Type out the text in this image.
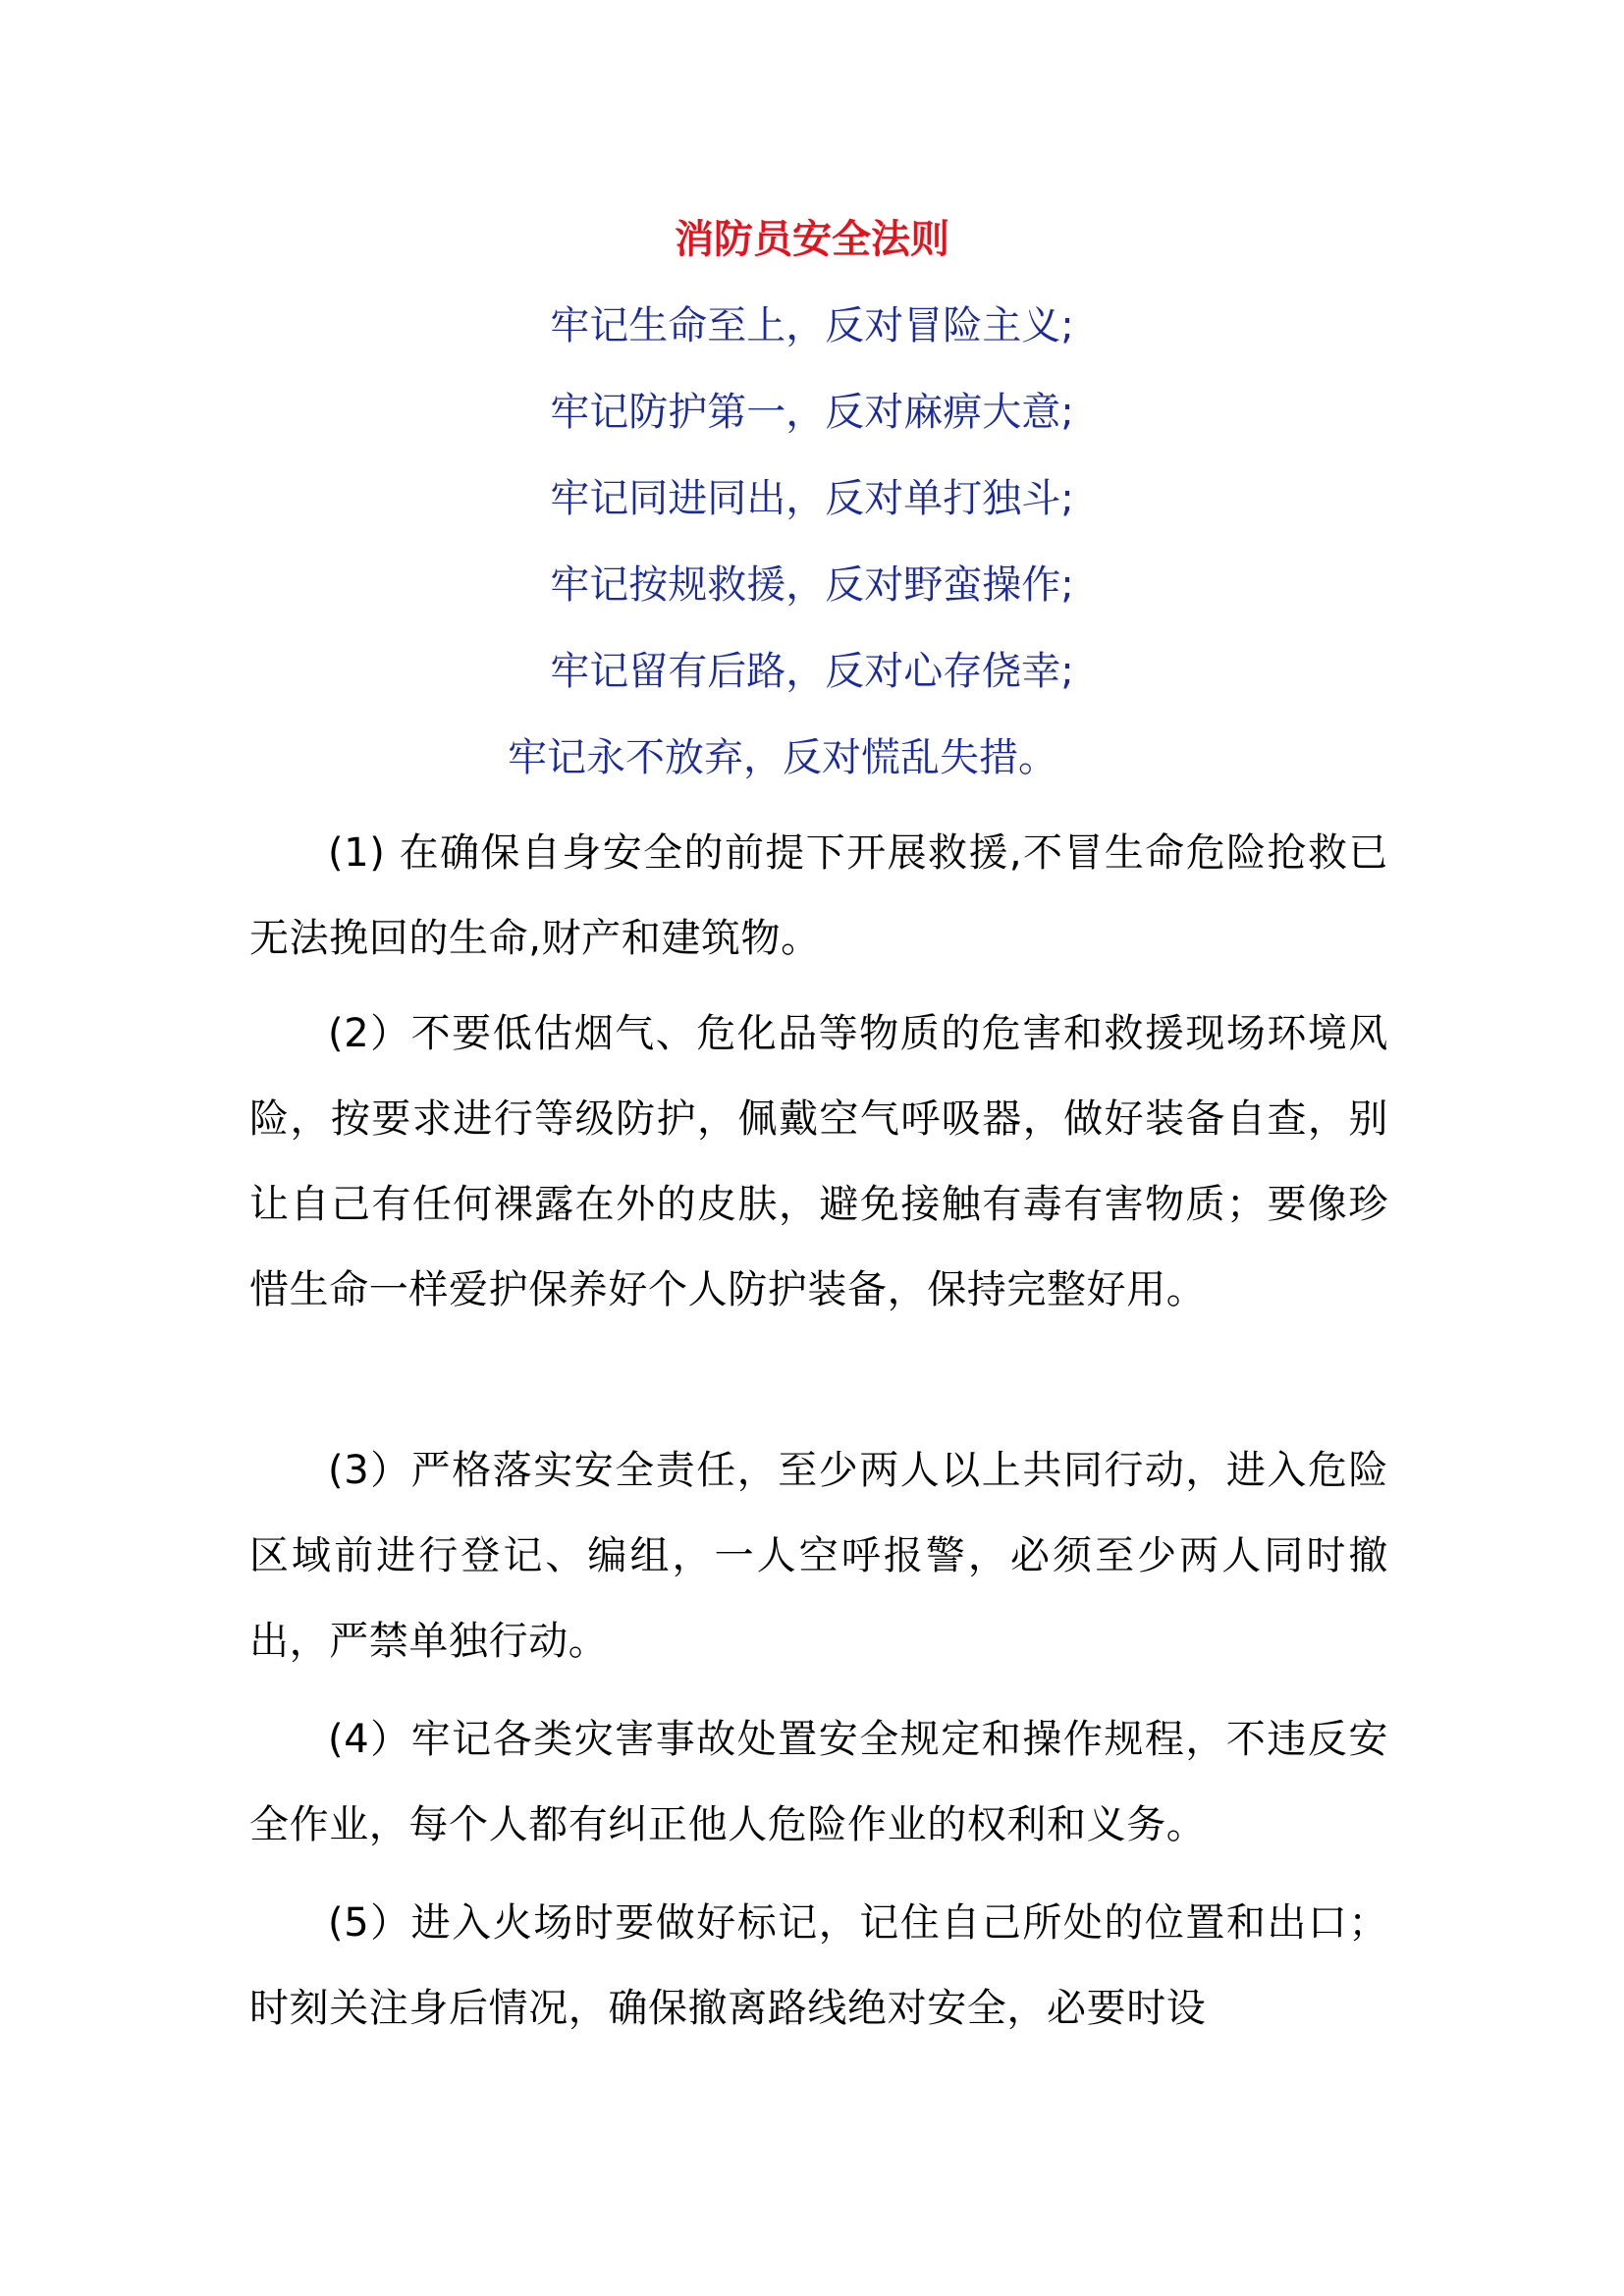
消防员安全法则
牢记生命至上，反对冒险主义;
牢记防护第一，反对麻痹大意;
牢记同进同出，反对单打独斗;
牢记按规救援，反对野蛮操作;
牢记留有后路，反对心存侥幸;
牢记永不放弃，反对慌乱失措。

(1) 在确保自身安全的前提下开展救援,不冒生命危险抢救已无法挽回的生命,财产和建筑物。

(2）不要低估烟气、危化品等物质的危害和救援现场环境风险，按要求进行等级防护，佩戴空气呼吸器，做好装备自查，别让自己有任何裸露在外的皮肤，避免接触有毒有害物质；要像珍惜生命一样爱护保养好个人防护装备，保持完整好用。

(3）严格落实安全责任，至少两人以上共同行动，进入危险区域前进行登记、编组，一人空呼报警，必须至少两人同时撤出，严禁单独行动。

(4）牢记各类灾害事故处置安全规定和操作规程，不违反安全作业，每个人都有纠正他人危险作业的权利和义务。

(5）进入火场时要做好标记，记住自己所处的位置和出口；时刻关注身后情况，确保撤离路线绝对安全，必要时设
